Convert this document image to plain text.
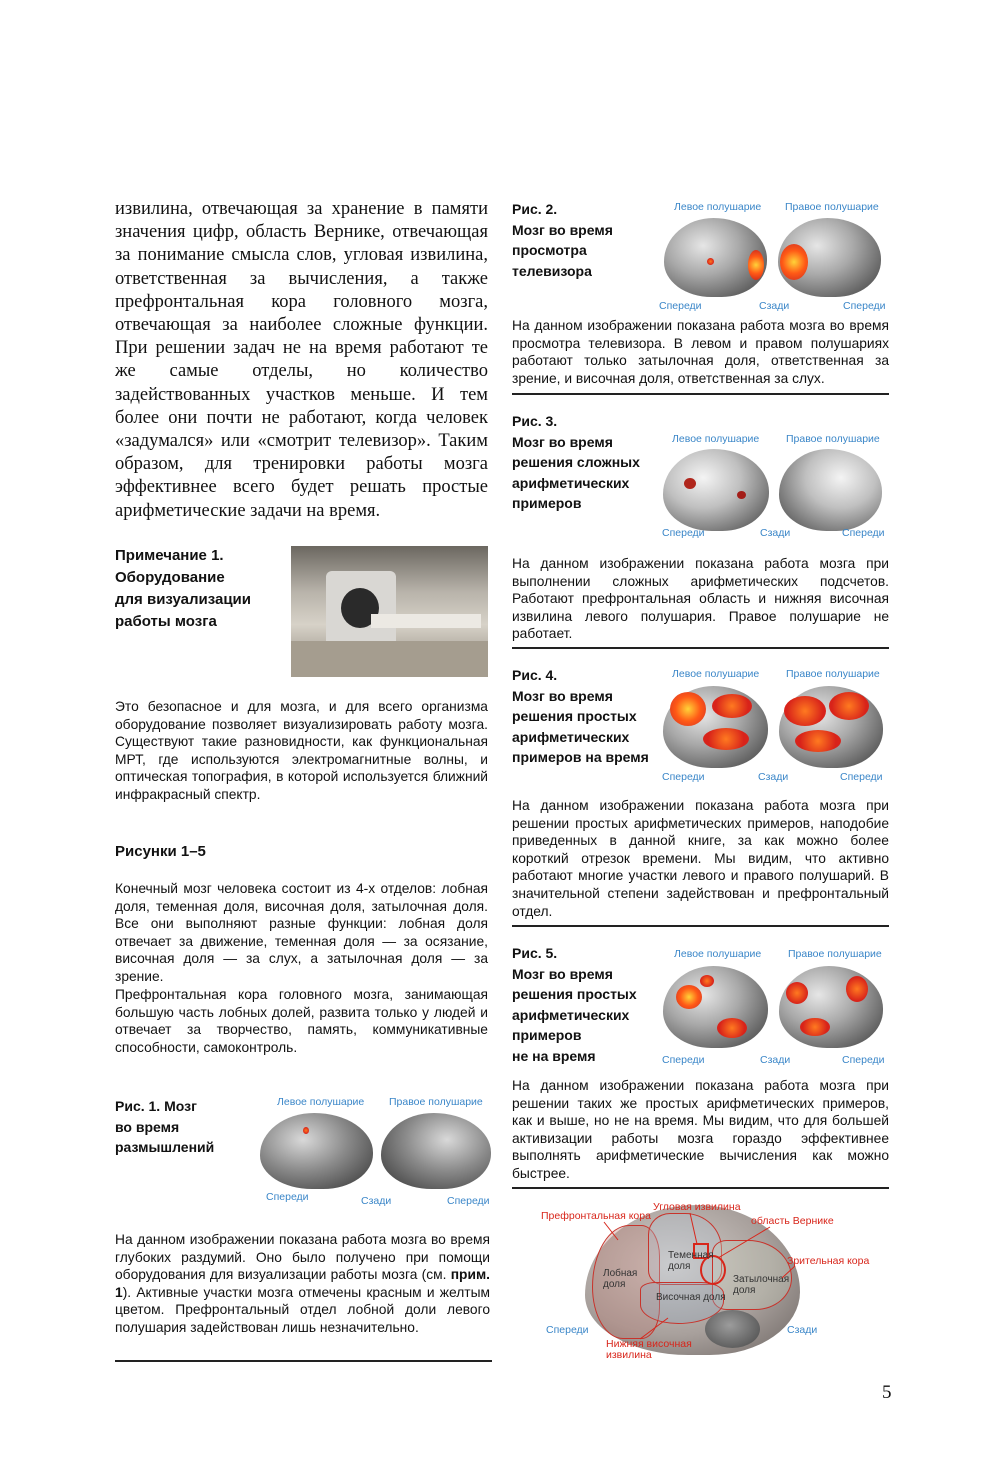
извилина, отвечающая за хранение в памяти значения цифр, область Вернике, отвечающая за понимание смысла слов, угловая извилина, ответственная за вычисления, а также префронтальная кора головного мозга, отвечающая за наиболее сложные функции. При решении задач не на время работают те же самые отделы, но количество задействованных участков меньше. И тем более они почти не работают, когда человек «задумался» или «смотрит телевизор». Таким образом, для тренировки работы мозга эффективнее всего будет решать простые арифметические задачи на время.

Примечание 1.
Оборудование
для визуализации
работы мозга
Это безопасное и для мозга, и для всего организма оборудование позволяет визуализировать работу мозга. Существуют такие разновидности, как функциональная МРТ, где используются электромагнитные волны, и оптическая топография, в которой используется ближний инфракрасный спектр.
Рисунки 1–5
Конечный мозг человека состоит из 4-х отделов: лобная доля, теменная доля, височная доля, затылочная доля. Все они выполняют разные функции: лобная доля отвечает за движение, теменная доля — за осязание, височная доля — за слух, а затылочная доля — за зрение.
Префронтальная кора головного мозга, занимающая большую часть лобных долей, развита только у людей и отвечает за творчество, память, коммуникативные способности, самоконтроль.
Рис. 1. Мозг
во время
размышлений
Левое полушарие Правое полушарие
Спереди	Сзади	Спереди
На данном изображении показана работа мозга во время глубоких раздумий. Оно было получено при помощи оборудования для визуализации работы мозга (см. прим. 1). Активные участки мозга отмечены красным и желтым цветом. Префронтальный отдел лобной доли левого полушария задействован лишь незначительно.
Рис. 2.
Мозг во время
просмотра
телевизора
Левое полушарие Правое полушарие
Спереди	Сзади	Спереди
На данном изображении показана работа мозга во время просмотра телевизора. В левом и правом полушариях работают только затылочная доля, ответственная за зрение, и височная доля, ответственная за слух.
Рис. 3.
Мозг во время
решения сложных
арифметических
примеров
Левое полушарие	Правое полушарие
Спереди	Сзади	Спереди
На данном изображении показана работа мозга при выполнении сложных арифметических подсчетов. Работают префронтальная область и нижняя височная извилина левого полушария. Правое полушарие не работает.
Рис. 4.
Мозг во время
решения простых
арифметических
примеров на время
Левое полушарие	Правое полушарие
Спереди	Сзади	Спереди
На данном изображении показана работа мозга при решении простых арифметических примеров, наподобие приведенных в данной книге, за как можно более короткий отрезок времени. Мы видим, что активно работают многие участки левого и правого полушарий. В значительной степени задействован и префронтальный отдел.
Рис. 5.
Мозг во время
решения простых
арифметических
примеров
не на время
Левое полушарие	Правое полушарие
Спереди	Сзади	Спереди
На данном изображении показана работа мозга при решении таких же простых арифметических примеров, как и выше, но не на время. Мы видим, что для большей активизации работы мозга гораздо эффективнее выполнять арифметические вычисления как можно быстрее.
Префронтальная кора
Угловая извилина
область Вернике
Зрительная кора
Нижняя височная
извилина
Лобная
доля
Теменная
доля
Затылочная
доля
Височная доля
Спереди	Сзади
5
